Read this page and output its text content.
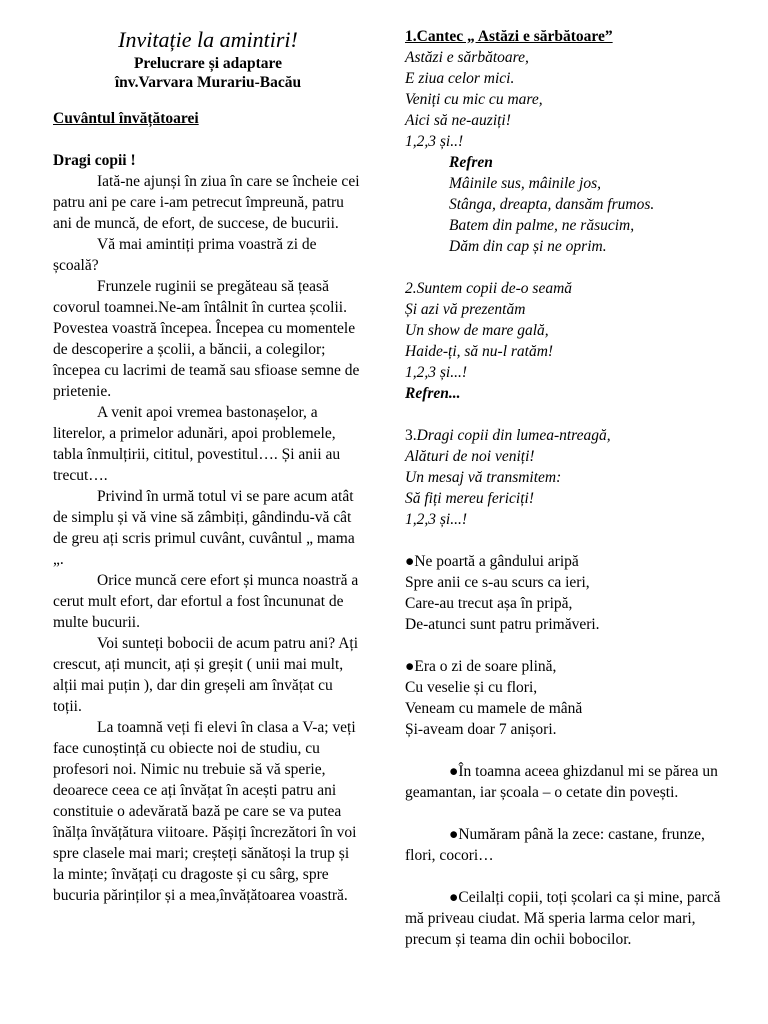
Invitație la amintiri!

Prelucrare și adaptare

înv.Varvara Murariu-Bacău

Cuvântul învățătoarei

Dragi copii !

Iată-ne ajunși în ziua în care se încheie cei patru ani pe care i-am petrecut împreună, patru ani de muncă, de efort, de succese, de bucurii.

Vă mai amintiți prima voastră zi de școală?

Frunzele ruginii se pregăteau să țeasă covorul toamnei.Ne-am întâlnit în curtea școlii. Povestea voastră începea. Începea cu momentele de descoperire a școlii, a băncii, a colegilor; începea cu lacrimi de teamă sau sfioase semne de prietenie.

A venit apoi vremea bastonașelor, a literelor, a primelor adunări, apoi problemele, tabla înmulțirii, cititul, povestitul…. Și anii au trecut….

Privind în urmă totul vi se pare acum atât de simplu și vă vine să zâmbiți, gândindu-vă cât de greu ați scris primul cuvânt, cuvântul „ mama „.

Orice muncă cere efort și munca noastră a cerut mult efort, dar efortul a fost încununat de multe bucurii.

Voi sunteți bobocii de acum patru ani? Ați crescut, ați muncit, ați și greșit ( unii mai mult, alții mai puțin ), dar din greșeli am învățat cu toții.

La toamnă veți fi elevi în clasa a V-a; veți face cunoștință cu obiecte noi de studiu, cu profesori noi. Nimic nu trebuie să vă sperie, deoarece ceea ce ați învățat în acești patru ani constituie o adevărată bază pe care se va putea înălța învățătura viitoare. Pășiți încrezători în voi spre clasele mai mari; creșteți sănătoși la trup și la minte; învățați cu dragoste și cu sârg, spre bucuria părinților și a mea,învățătoarea voastră.

1.Cantec „ Astăzi e sărbătoare”

Astăzi e sărbătoare,

E ziua celor mici.

Veniți cu mic cu mare,

Aici să ne-auziți!

1,2,3 și..!

Refren

Mâinile sus, mâinile jos,

Stânga, dreapta, dansăm frumos.

Batem din palme, ne răsucim,

Dăm din cap și ne oprim.

2.Suntem copii de-o seamă

Și azi vă prezentăm

Un show de mare gală,

Haide-ți, să nu-l ratăm!

1,2,3 și...!

Refren...

3.Dragi copii din lumea-ntreagă,

Alături de noi veniți!

Un mesaj vă transmitem:

Să fiți mereu fericiți!

1,2,3 și...!

●Ne poartă a gândului aripă

Spre anii ce s-au scurs ca ieri,

Care-au trecut așa în pripă,

De-atunci sunt patru primăveri.

●Era o zi de soare plină,

Cu veselie și cu flori,

Veneam cu mamele de mână

Și-aveam doar 7 anișori.

●În toamna aceea ghizdanul mi se părea un geamantan, iar școala – o cetate din povești.

●Număram până la zece: castane, frunze, flori, cocori…

●Ceilalți copii, toți școlari ca și mine, parcă mă priveau ciudat. Mă speria larma celor mari, precum și teama din ochii bobocilor.
